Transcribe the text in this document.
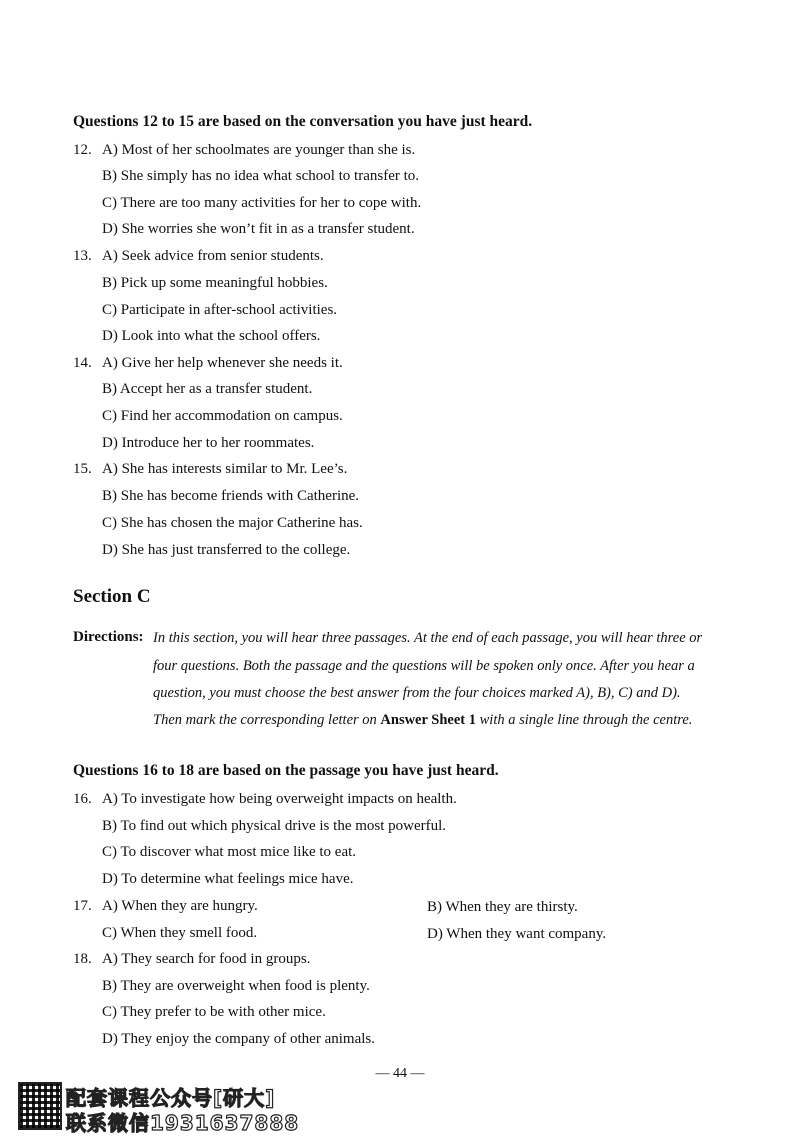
Questions 12 to 15 are based on the conversation you have just heard.
12. A) Most of her schoolmates are younger than she is.
B) She simply has no idea what school to transfer to.
C) There are too many activities for her to cope with.
D) She worries she won’t fit in as a transfer student.
13. A) Seek advice from senior students.
B) Pick up some meaningful hobbies.
C) Participate in after-school activities.
D) Look into what the school offers.
14. A) Give her help whenever she needs it.
B) Accept her as a transfer student.
C) Find her accommodation on campus.
D) Introduce her to her roommates.
15. A) She has interests similar to Mr. Lee’s.
B) She has become friends with Catherine.
C) She has chosen the major Catherine has.
D) She has just transferred to the college.
Section C
Directions: In this section, you will hear three passages. At the end of each passage, you will hear three or
four questions. Both the passage and the questions will be spoken only once. After you hear a
question, you must choose the best answer from the four choices marked A), B), C) and D).
Then mark the corresponding letter on Answer Sheet 1 with a single line through the centre.
Questions 16 to 18 are based on the passage you have just heard.
16. A) To investigate how being overweight impacts on health.
B) To find out which physical drive is the most powerful.
C) To discover what most mice like to eat.
D) To determine what feelings mice have.
17. A) When they are hungry.	B) When they are thirsty.
C) When they smell food.	D) When they want company.
18. A) They search for food in groups.
B) They are overweight when food is plenty.
C) They prefer to be with other mice.
D) They enjoy the company of other animals.
— 44 —
配套课程公众号[研大]
联系微信1931637888
